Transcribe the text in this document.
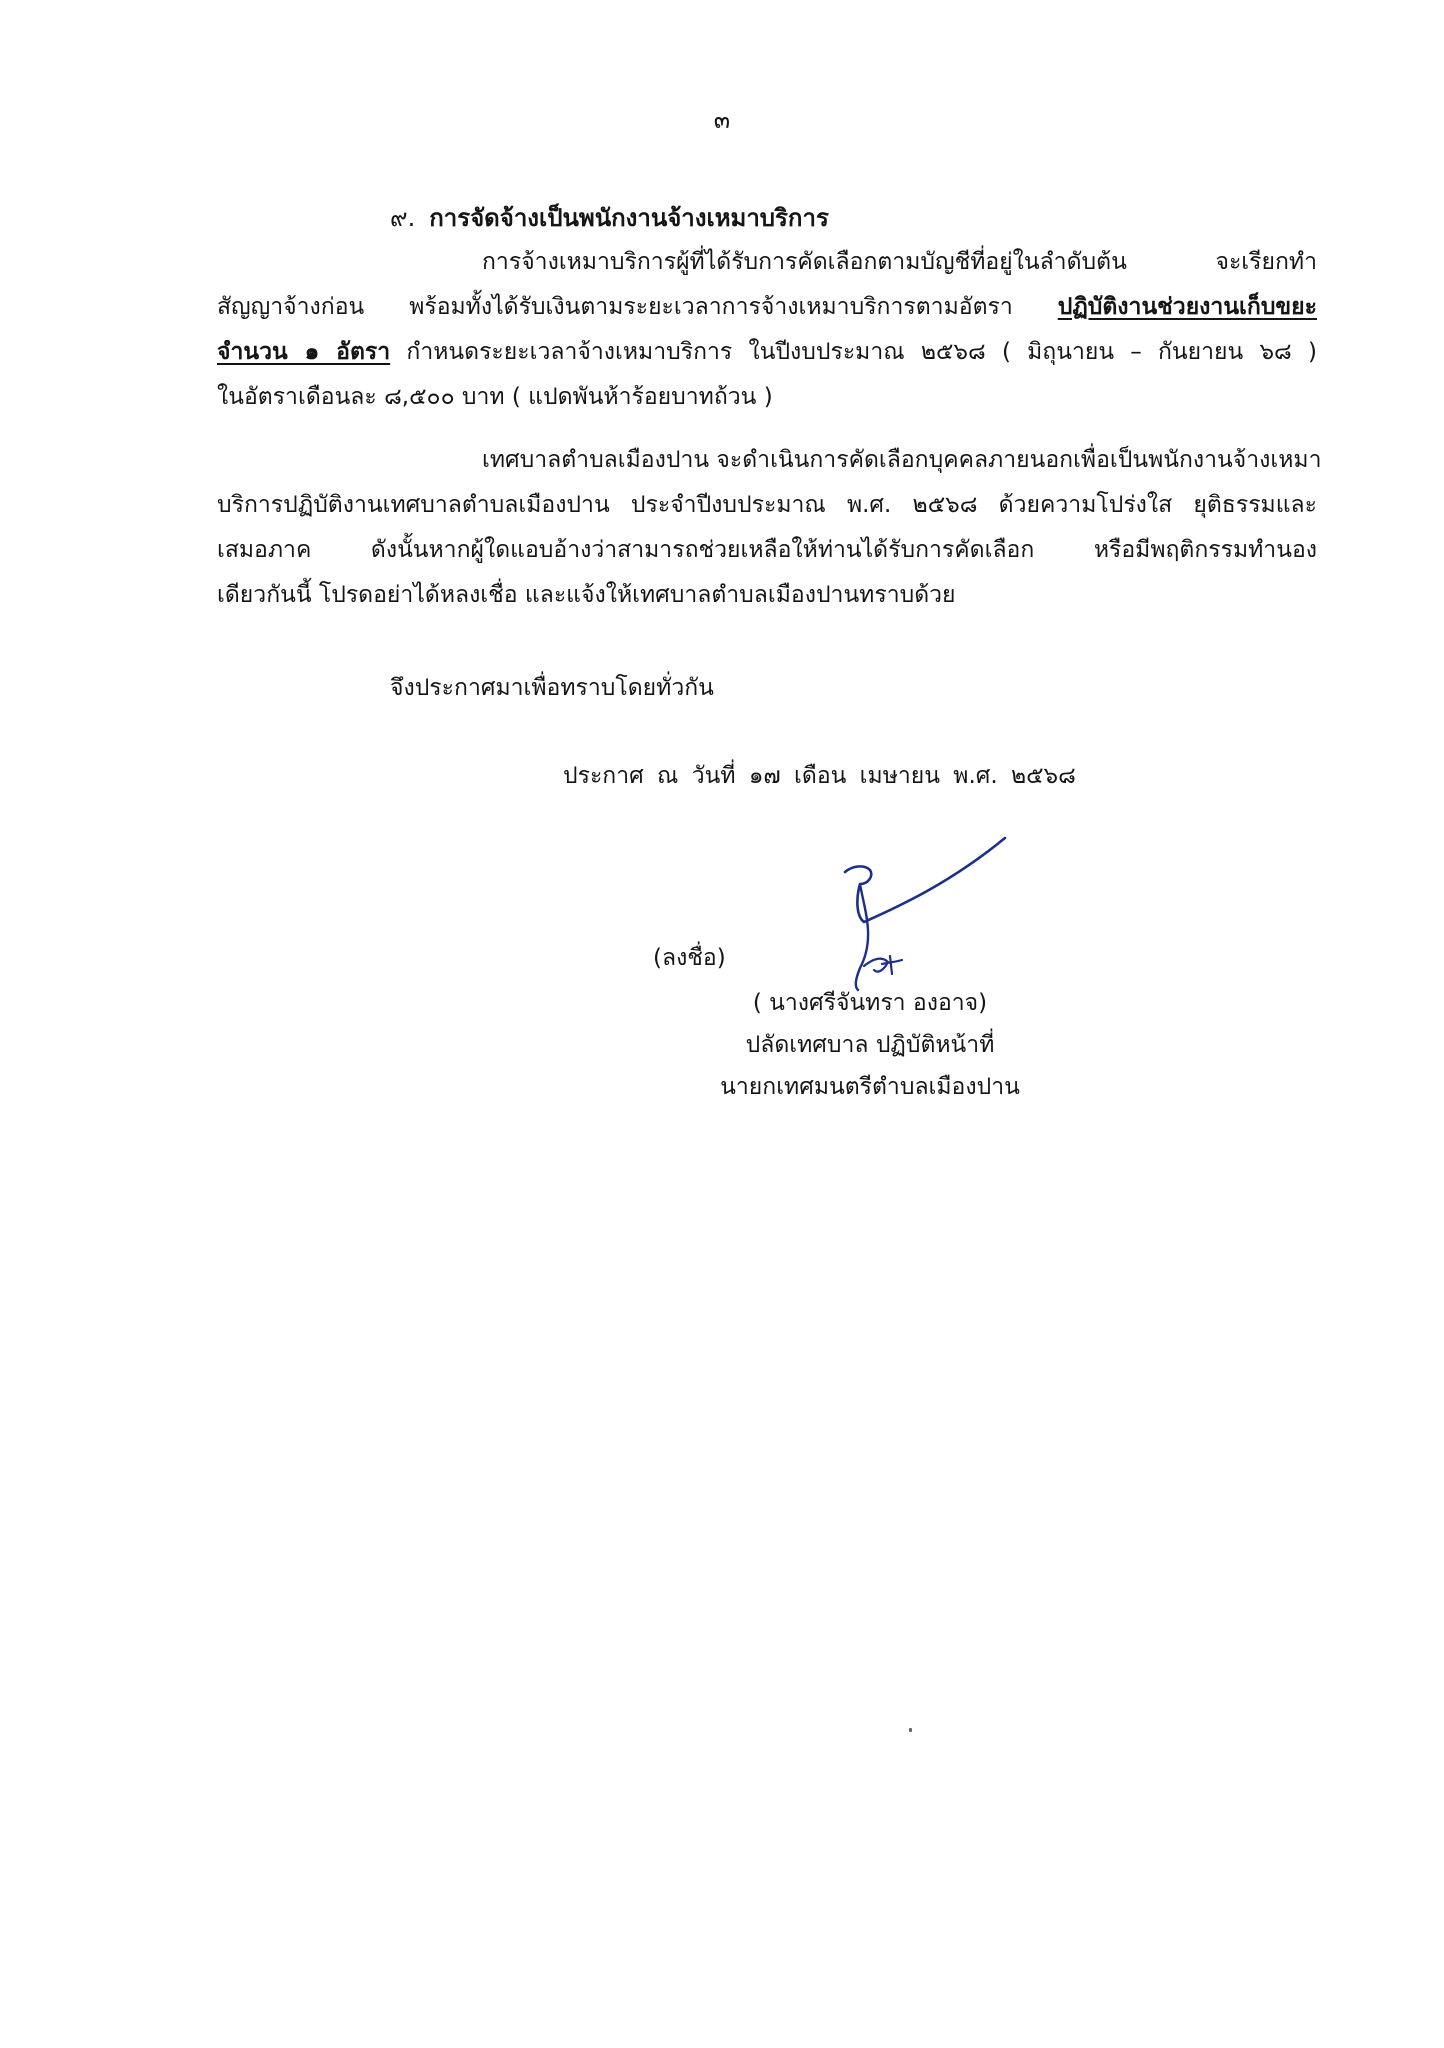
๓
๙. การจัดจ้างเป็นพนักงานจ้างเหมาบริการ
การจ้างเหมาบริการผู้ที่ได้รับการคัดเลือกตามบัญชีที่อยู่ในลำดับต้น จะเรียกทำ
สัญญาจ้างก่อน พร้อมทั้งได้รับเงินตามระยะเวลาการจ้างเหมาบริการตามอัตรา ปฏิบัติงานช่วยงานเก็บขยะ
จำนวน ๑ อัตรา กำหนดระยะเวลาจ้างเหมาบริการ ในปีงบประมาณ ๒๕๖๘ ( มิถุนายน – กันยายน ๖๘ )
ในอัตราเดือนละ ๘,๕๐๐ บาท ( แปดพันห้าร้อยบาทถ้วน )
เทศบาลตำบลเมืองปาน จะดำเนินการคัดเลือกบุคคลภายนอกเพื่อเป็นพนักงานจ้างเหมา
บริการปฏิบัติงานเทศบาลตำบลเมืองปาน ประจำปีงบประมาณ พ.ศ. ๒๕๖๘ ด้วยความโปร่งใส ยุติธรรมและ
เสมอภาค ดังนั้นหากผู้ใดแอบอ้างว่าสามารถช่วยเหลือให้ท่านได้รับการคัดเลือก หรือมีพฤติกรรมทำนอง
เดียวกันนี้ โปรดอย่าได้หลงเชื่อ และแจ้งให้เทศบาลตำบลเมืองปานทราบด้วย
จึงประกาศมาเพื่อทราบโดยทั่วกัน
ประกาศ ณ วันที่ ๑๗ เดือน เมษายน พ.ศ. ๒๕๖๘
(ลงชื่อ)
( นางศรีจันทรา องอาจ)
ปลัดเทศบาล ปฏิบัติหน้าที่
นายกเทศมนตรีตำบลเมืองปาน
